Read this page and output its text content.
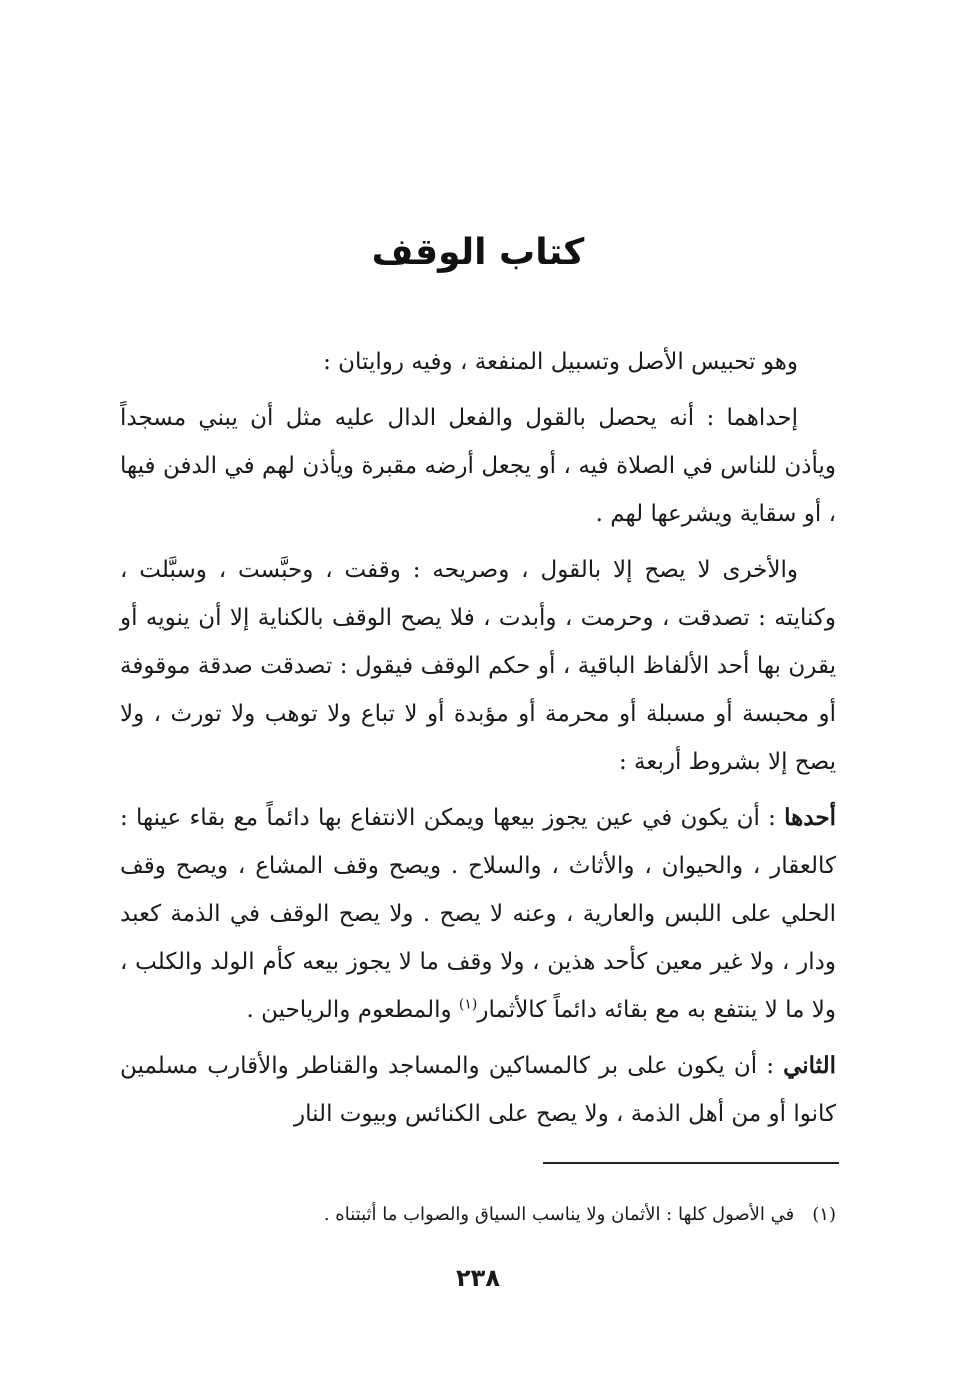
كتاب الوقف

وهو تحبيس الأصل وتسبيل المنفعة ، وفيه روايتان :

إحداهما : أنه يحصل بالقول والفعل الدال عليه مثل أن يبني مسجداً ويأذن للناس في الصلاة فيه ، أو يجعل أرضه مقبرة ويأذن لهم في الدفن فيها ، أو سقاية ويشرعها لهم .

والأخرى لا يصح إلا بالقول ، وصريحه : وقفت ، وحبَّست ، وسبَّلت ، وكنايته : تصدقت ، وحرمت ، وأبدت ، فلا يصح الوقف بالكناية إلا أن ينويه أو يقرن بها أحد الألفاظ الباقية ، أو حكم الوقف فيقول : تصدقت صدقة موقوفة أو محبسة أو مسبلة أو محرمة أو مؤبدة أو لا تباع ولا توهب ولا تورث ، ولا يصح إلا بشروط أربعة :

أحدها : أن يكون في عين يجوز بيعها ويمكن الانتفاع بها دائماً مع بقاء عينها : كالعقار ، والحيوان ، والأثاث ، والسلاح . ويصح وقف المشاع ، ويصح وقف الحلي على اللبس والعارية ، وعنه لا يصح . ولا يصح الوقف في الذمة كعبد ودار ، ولا غير معين كأحد هذين ، ولا وقف ما لا يجوز بيعه كأم الولد والكلب ، ولا ما لا ينتفع به مع بقائه دائماً كالأثمار$^{(١)}$ والمطعوم والرياحين .

الثاني : أن يكون على بر كالمساكين والمساجد والقناطر والأقارب مسلمين كانوا أو من أهل الذمة ، ولا يصح على الكنائس وبيوت النار

(١)في الأصول كلها : الأثمان ولا يناسب السياق والصواب ما أثبتناه .
٢٣٨
